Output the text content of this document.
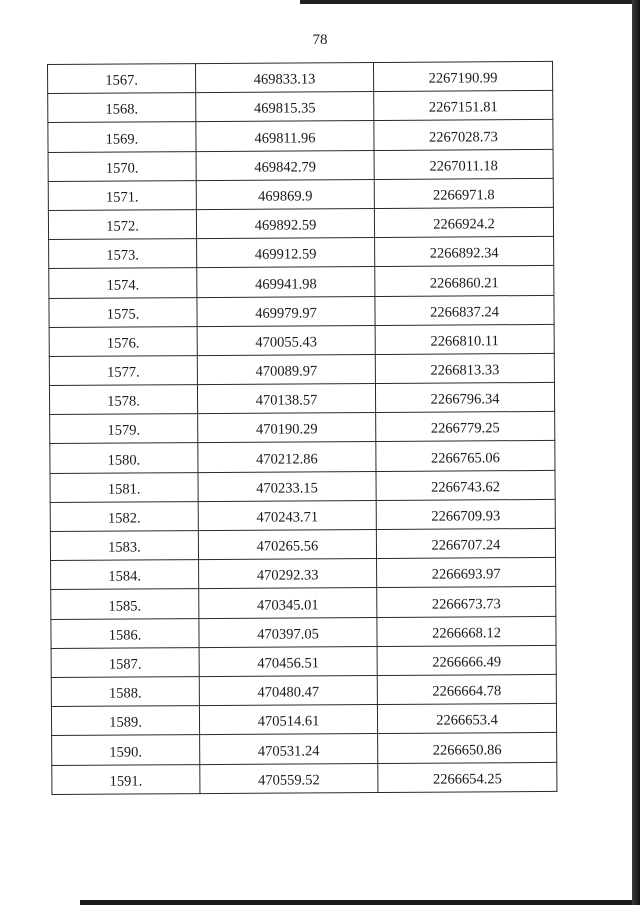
78
1567.	469833.13	2267190.99
1568.	469815.35	2267151.81
1569.	469811.96	2267028.73
1570.	469842.79	2267011.18
1571.	469869.9	2266971.8
1572.	469892.59	2266924.2
1573.	469912.59	2266892.34
1574.	469941.98	2266860.21
1575.	469979.97	2266837.24
1576.	470055.43	2266810.11
1577.	470089.97	2266813.33
1578.	470138.57	2266796.34
1579.	470190.29	2266779.25
1580.	470212.86	2266765.06
1581.	470233.15	2266743.62
1582.	470243.71	2266709.93
1583.	470265.56	2266707.24
1584.	470292.33	2266693.97
1585.	470345.01	2266673.73
1586.	470397.05	2266668.12
1587.	470456.51	2266666.49
1588.	470480.47	2266664.78
1589.	470514.61	2266653.4
1590.	470531.24	2266650.86
1591.	470559.52	2266654.25
